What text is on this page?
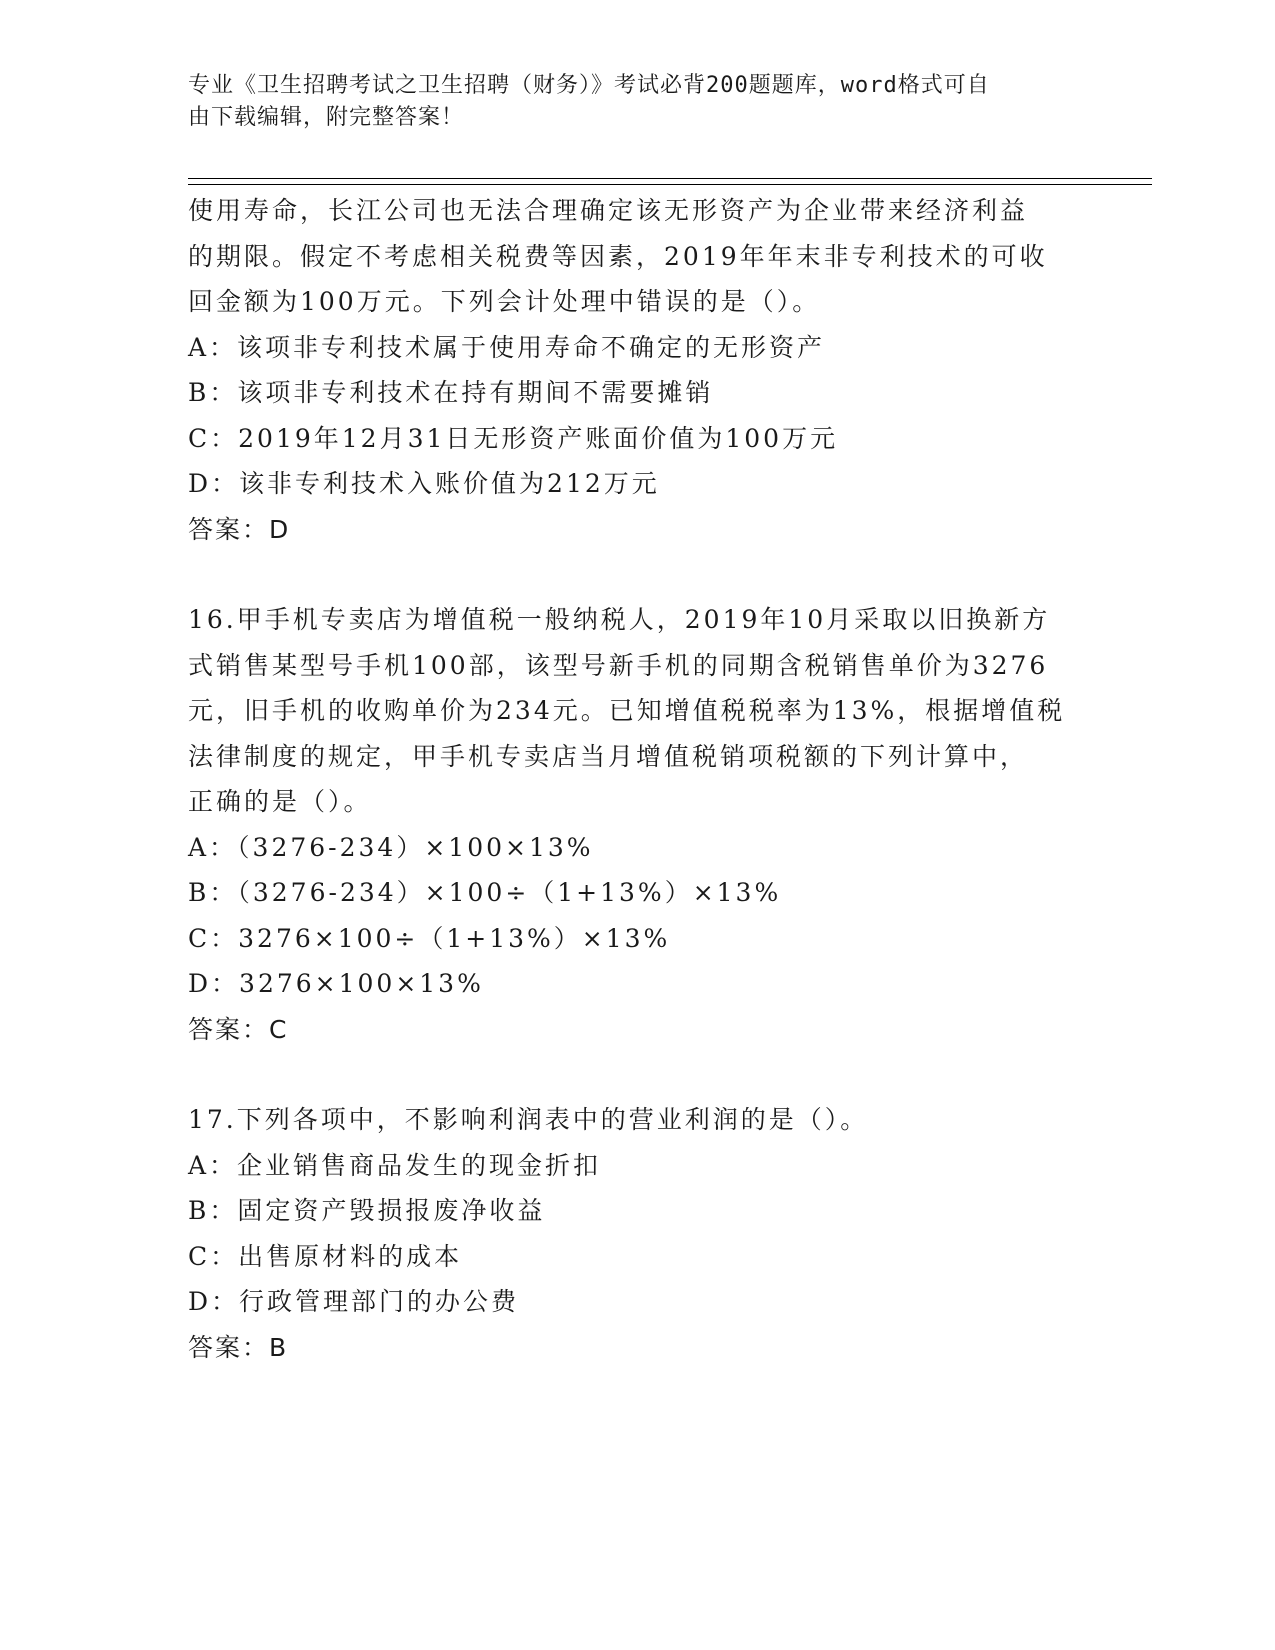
专业《卫生招聘考试之卫生招聘（财务）》考试必背200题题库，word格式可自
由下载编辑，附完整答案！

使用寿命，长江公司也无法合理确定该无形资产为企业带来经济利益

的期限。假定不考虑相关税费等因素，2019年年末非专利技术的可收

回金额为100万元。下列会计处理中错误的是（）。

A：该项非专利技术属于使用寿命不确定的无形资产

B：该项非专利技术在持有期间不需要摊销

C：2019年12月31日无形资产账面价值为100万元

D：该非专利技术入账价值为212万元

答案：D

16.甲手机专卖店为增值税一般纳税人，2019年10月采取以旧换新方

式销售某型号手机100部，该型号新手机的同期含税销售单价为3276

元，旧手机的收购单价为234元。已知增值税税率为13%，根据增值税

法律制度的规定，甲手机专卖店当月增值税销项税额的下列计算中，

正确的是（）。

A：（3276-234）×100×13%

B：（3276-234）×100÷（1+13%）×13%

C：3276×100÷（1+13%）×13%

D：3276×100×13%

答案：C

17.下列各项中，不影响利润表中的营业利润的是（）。

A：企业销售商品发生的现金折扣

B：固定资产毁损报废净收益

C：出售原材料的成本

D：行政管理部门的办公费

答案：B
